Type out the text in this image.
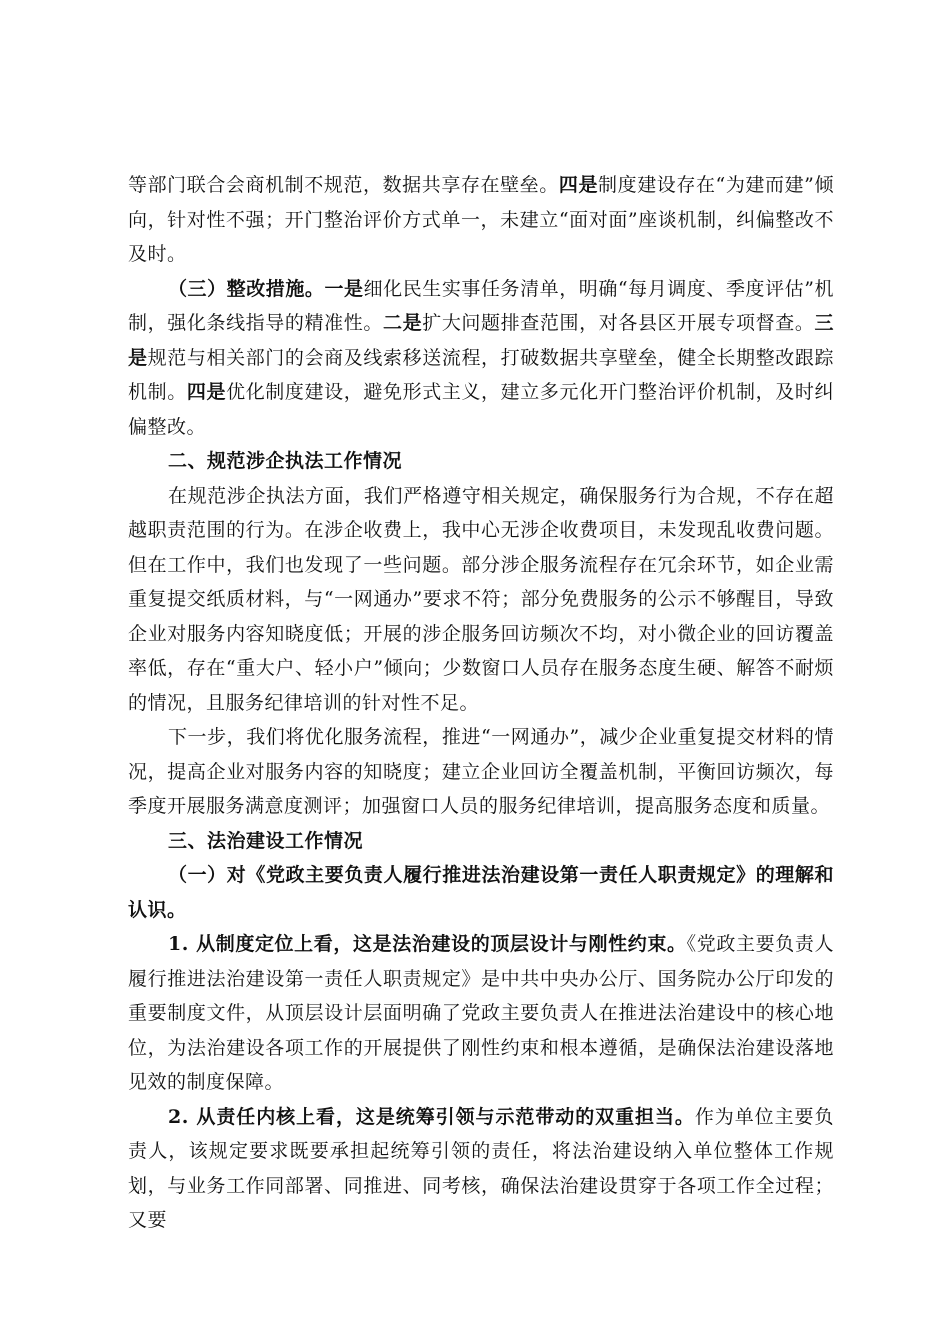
等部门联合会商机制不规范，数据共享存在壁垒。四是制度建设存在“为建而建”倾向，针对性不强；开门整治评价方式单一，未建立“面对面”座谈机制，纠偏整改不及时。

（三）整改措施。一是细化民生实事任务清单，明确“每月调度、季度评估”机制，强化条线指导的精准性。二是扩大问题排查范围，对各县区开展专项督查。三是规范与相关部门的会商及线索移送流程，打破数据共享壁垒，健全长期整改跟踪机制。四是优化制度建设，避免形式主义，建立多元化开门整治评价机制，及时纠偏整改。

二、规范涉企执法工作情况

在规范涉企执法方面，我们严格遵守相关规定，确保服务行为合规，不存在超越职责范围的行为。在涉企收费上，我中心无涉企收费项目，未发现乱收费问题。但在工作中，我们也发现了一些问题。部分涉企服务流程存在冗余环节，如企业需重复提交纸质材料，与“一网通办”要求不符；部分免费服务的公示不够醒目，导致企业对服务内容知晓度低；开展的涉企服务回访频次不均，对小微企业的回访覆盖率低，存在“重大户、轻小户”倾向；少数窗口人员存在服务态度生硬、解答不耐烦的情况，且服务纪律培训的针对性不足。

下一步，我们将优化服务流程，推进“一网通办”，减少企业重复提交材料的情况，提高企业对服务内容的知晓度；建立企业回访全覆盖机制，平衡回访频次，每季度开展服务满意度测评；加强窗口人员的服务纪律培训，提高服务态度和质量。

三、法治建设工作情况

（一）对《党政主要负责人履行推进法治建设第一责任人职责规定》的理解和认识。

1. 从制度定位上看，这是法治建设的顶层设计与刚性约束。《党政主要负责人履行推进法治建设第一责任人职责规定》是中共中央办公厅、国务院办公厅印发的重要制度文件，从顶层设计层面明确了党政主要负责人在推进法治建设中的核心地位，为法治建设各项工作的开展提供了刚性约束和根本遵循，是确保法治建设落地见效的制度保障。

2. 从责任内核上看，这是统筹引领与示范带动的双重担当。作为单位主要负责人，该规定要求既要承担起统筹引领的责任，将法治建设纳入单位整体工作规划，与业务工作同部署、同推进、同考核，确保法治建设贯穿于各项工作全过程；又要
